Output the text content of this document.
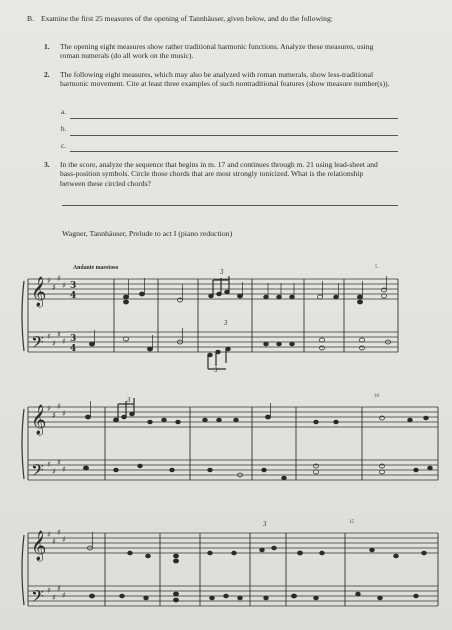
B. Examine the first 25 measures of the opening of Tannhäuser, given below, and do the following:
1. The opening eight measures show rather traditional harmonic functions. Analyze these measures, using roman numerals (do all work on the music).
2. The following eight measures, which may also be analyzed with roman numerals, show less-traditional harmonic movement. Cite at least three examples of such nontraditional features (show measure number(s)).
a.
b.
c.
3. In the score, analyze the sequence that begins in m. 17 and continues through m. 21 using lead-sheet and bass-position symbols. Circle those chords that are most strongly tonicized. What is the relationship between these circled chords?
Wagner, Tannhäuser, Prelude to act I (piano reduction)
Andante maestoso	5
10
15
3
3
3
3
3
𝄞
𝄢
𝄞
𝄢
𝄞
𝄢
♯
♯
♯
♯
♯
♯
♯
♯
♯
♯
♯
♯
♯
♯
♯
♯
♯
♯
♯
♯
♯
♯
♯
♯
3
4
3
4
